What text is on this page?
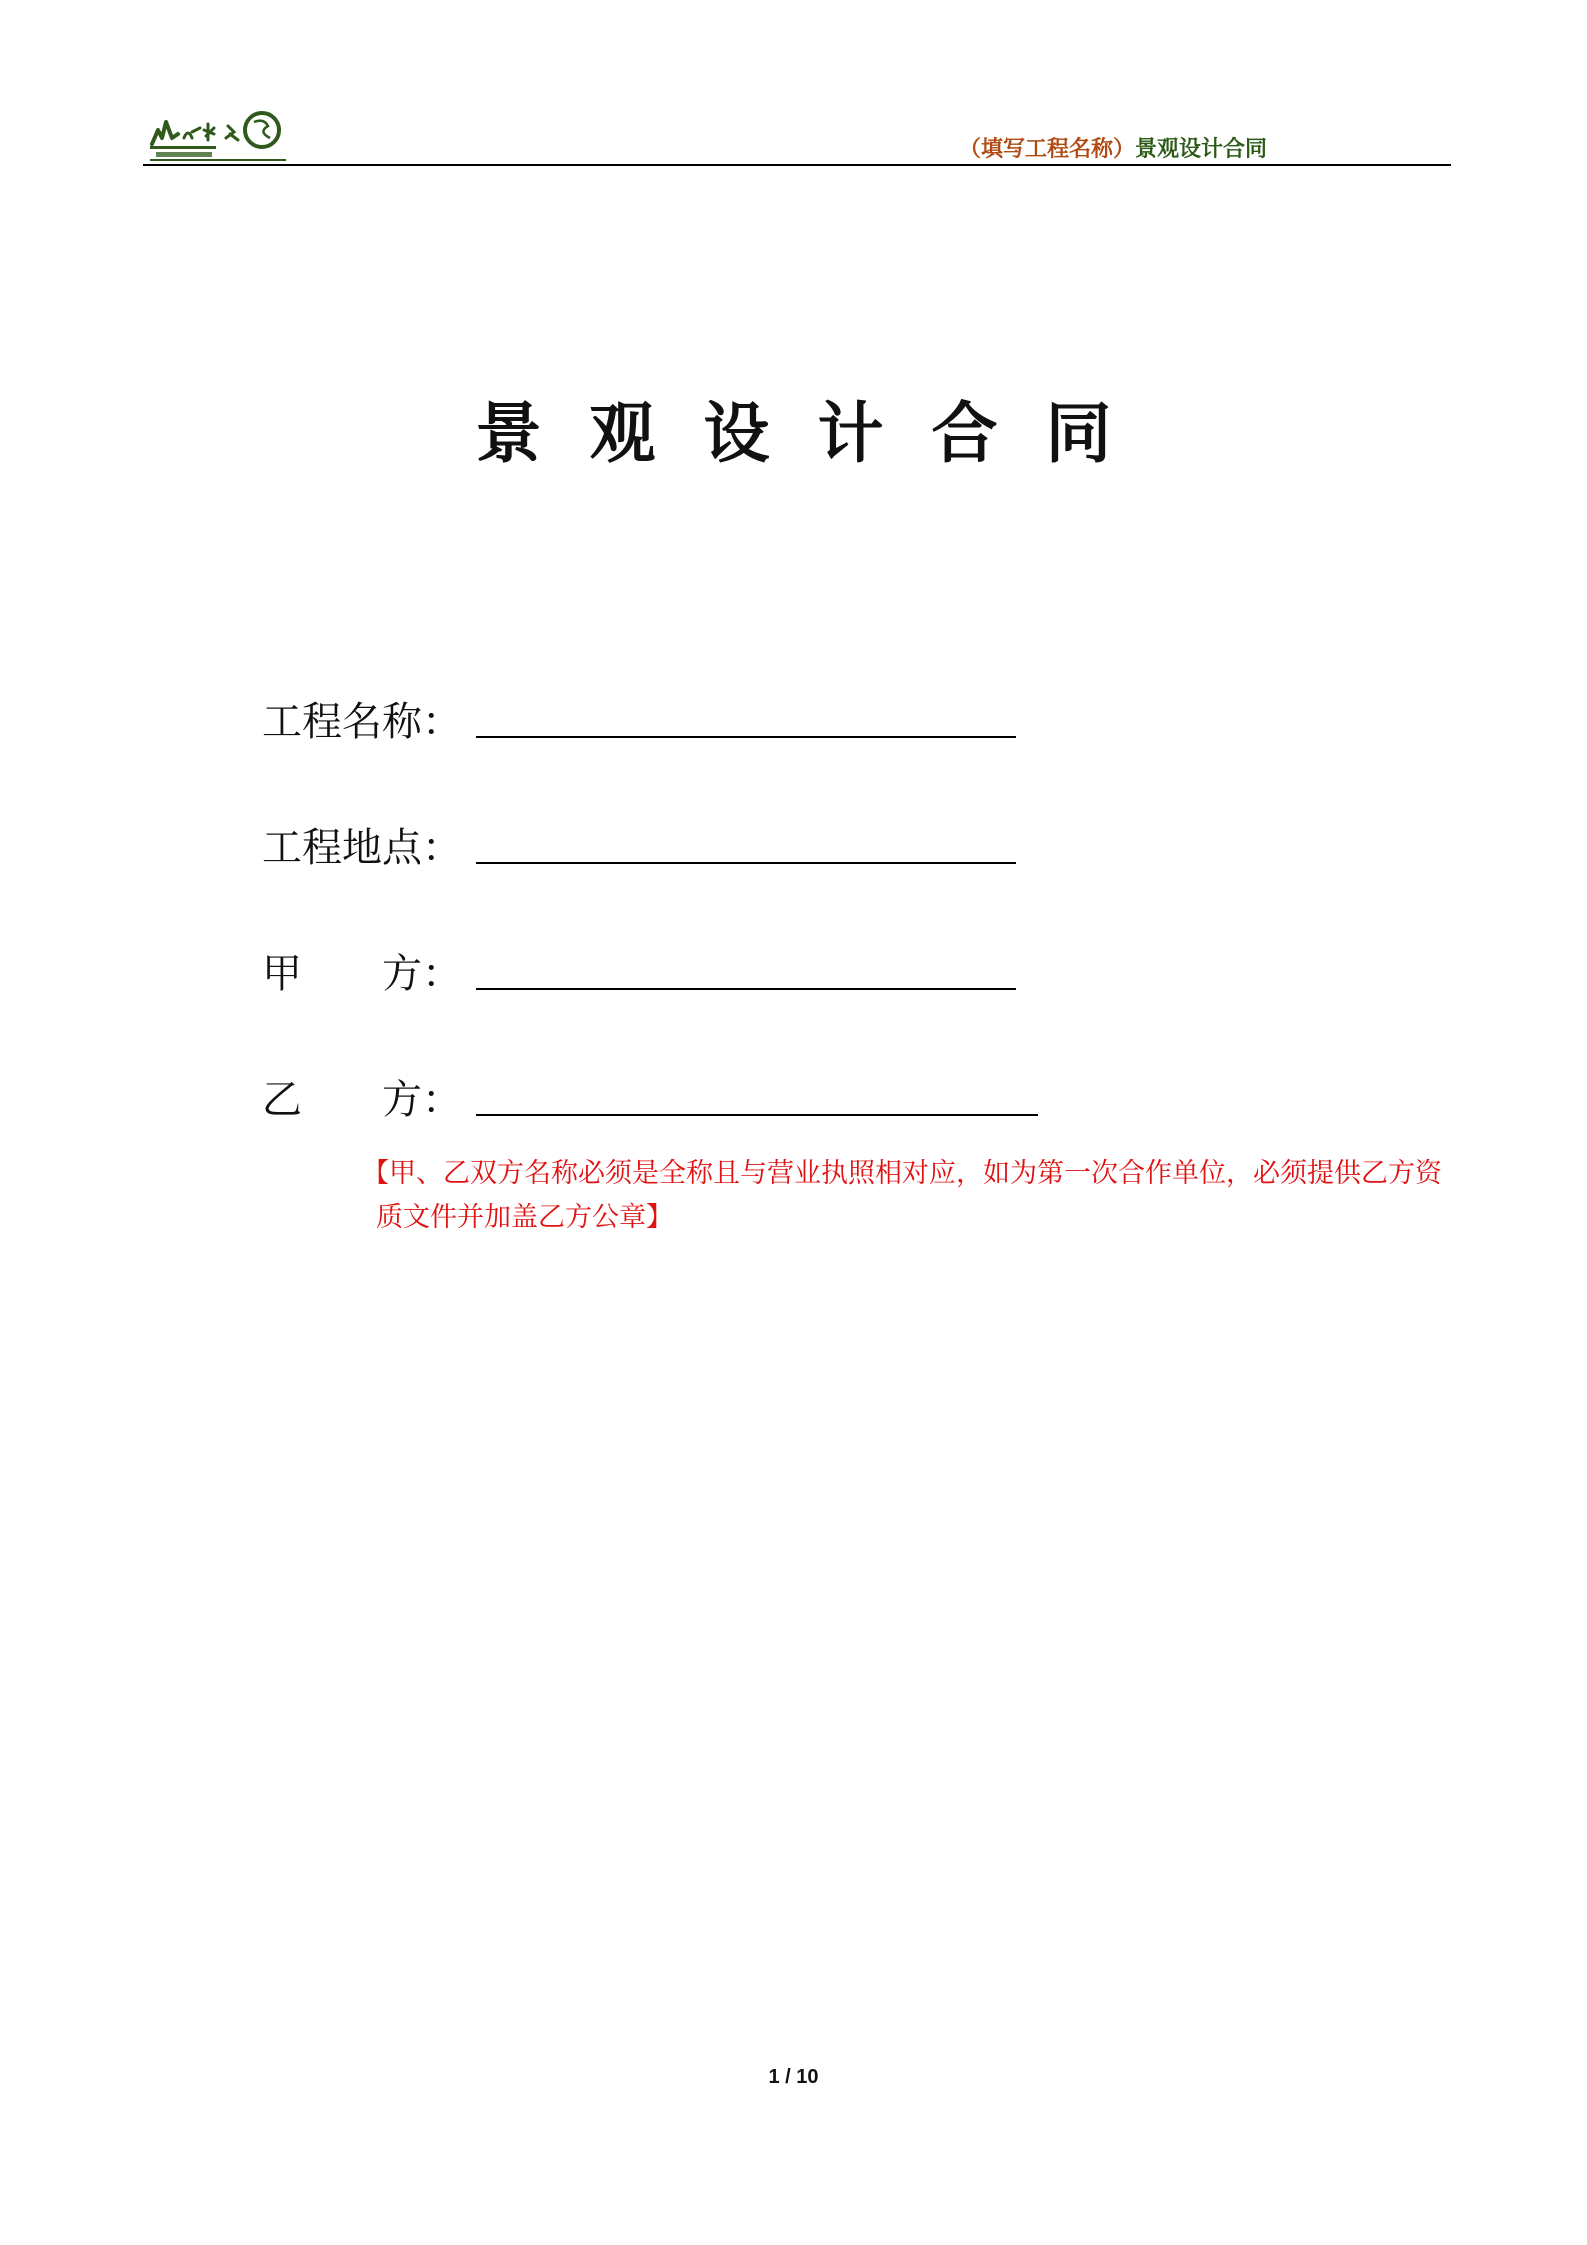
（填写工程名称）景观设计合同
景观设计合同
工程名称：
工程地点：
甲　　方：
乙　　方：
【甲、乙双方名称必须是全称且与营业执照相对应，如为第一次合作单位，必须提供乙方资质文件并加盖乙方公章】
1 / 10
